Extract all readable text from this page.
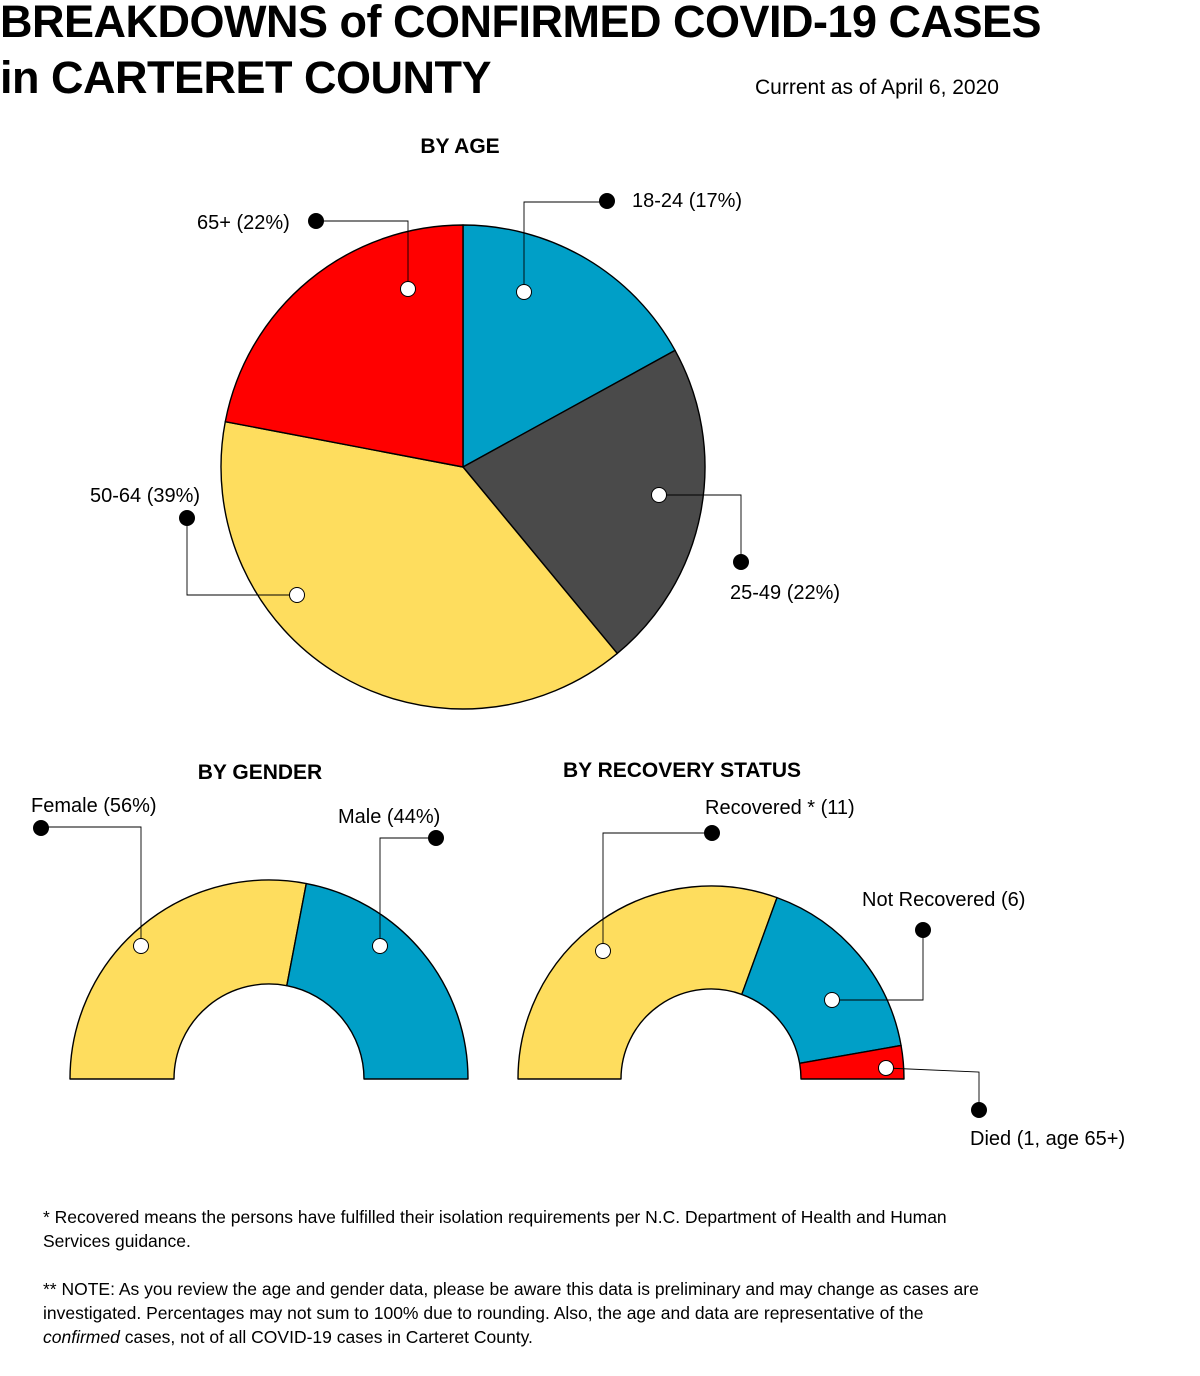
BREAKDOWNS of CONFIRMED COVID-19 CASES
in CARTERET COUNTY	Current as of April 6, 2020
BY AGE
18-24 (17%)
25-49 (22%)
50-64 (39%)
65+ (22%)
BY GENDER
Female (56%)	Male (44%)
BY RECOVERY STATUS
Recovered * (11)
Not Recovered (6)
Died (1, age 65+)

* Recovered means the persons have fulfilled their isolation requirements per N.C. Department of Health and Human Services guidance.

** NOTE: As you review the age and gender data, please be aware this data is preliminary and may change as cases are investigated. Percentages may not sum to 100% due to rounding. Also, the age and data are representative of the confirmed cases, not of all COVID-19 cases in Carteret County.
